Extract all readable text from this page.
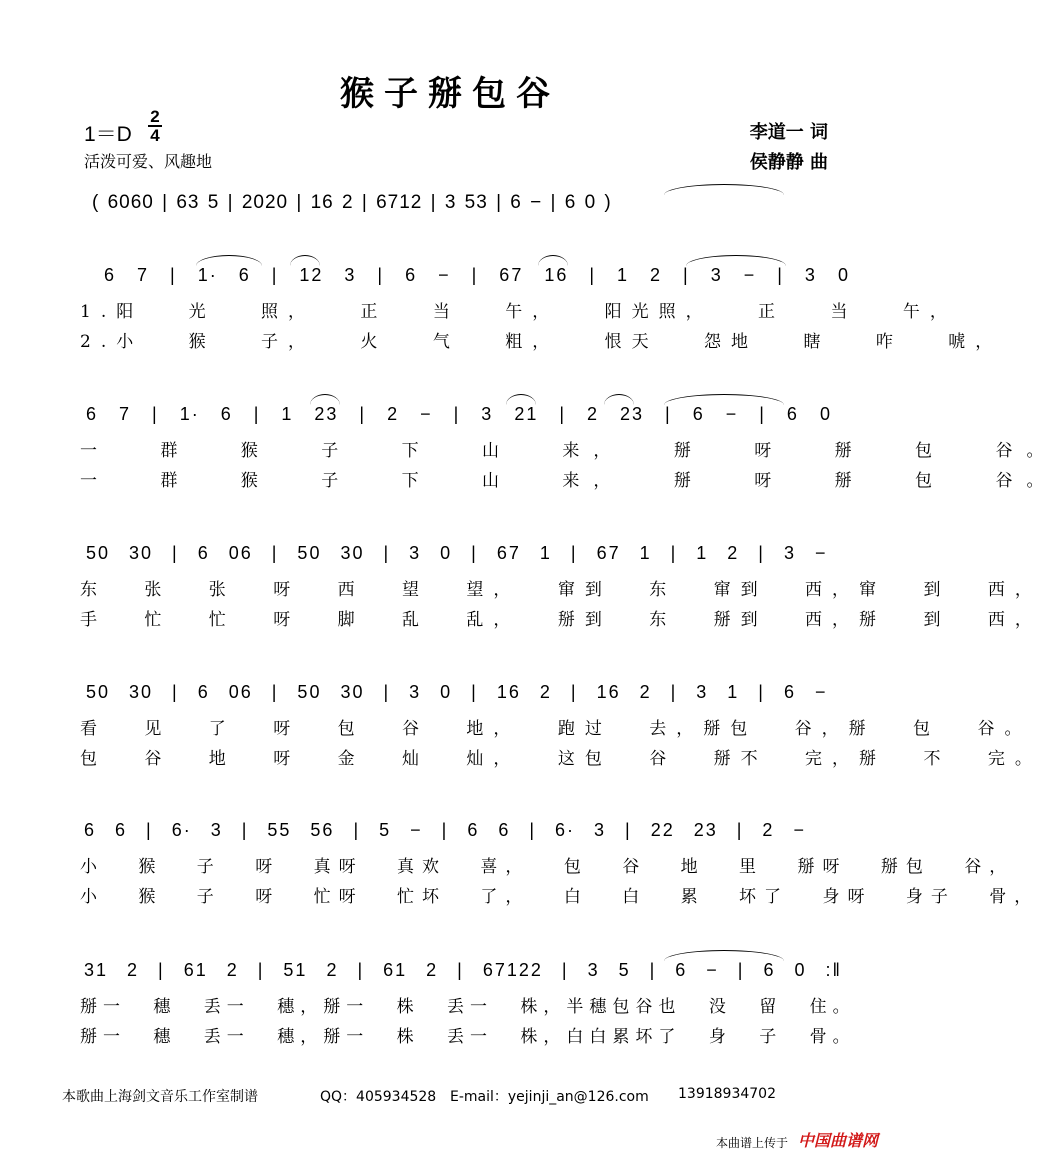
猴子掰包谷
1＝D
2
4
活泼可爱、风趣地
李道一 词
侯静静 曲
( 6060 | 63 5 | 2020 | 16 2 | 6712 | 3 53 | 6 − | 6 0 )
6 7 | 1· 6 | 12 3 | 6 − | 67 16 | 1 2 | 3 − | 3 0
1.阳 光 照， 正 当 午， 阳光照， 正 当 午，
2.小 猴 子， 火 气 粗， 恨天 怨地 瞎 咋 唬，
6 7 | 1· 6 | 1 23 | 2 − | 3 21 | 2 23 | 6 − | 6 0
一 群 猴 子 下 山 来， 掰 呀 掰 包 谷。
一 群 猴 子 下 山 来， 掰 呀 掰 包 谷。
50 30 | 6 06 | 50 30 | 3 0 | 67 1 | 67 1 | 1 2 | 3 −
东 张 张 呀 西 望 望， 窜到 东 窜到 西，窜 到 西，
手 忙 忙 呀 脚 乱 乱， 掰到 东 掰到 西，掰 到 西，
50 30 | 6 06 | 50 30 | 3 0 | 16 2 | 16 2 | 3 1 | 6 −
看 见 了 呀 包 谷 地， 跑过 去，掰包 谷，掰 包 谷。
包 谷 地 呀 金 灿 灿， 这包 谷 掰不 完，掰 不 完。
6 6 | 6· 3 | 55 56 | 5 − | 6 6 | 6· 3 | 22 23 | 2 −
小 猴 子 呀 真呀 真欢 喜， 包 谷 地 里 掰呀 掰包 谷，
小 猴 子 呀 忙呀 忙坏 了， 白 白 累 坏了 身呀 身子 骨，
31 2 | 61 2 | 51 2 | 61 2 | 67122 | 3 5 | 6 − | 6 0 :‖
掰一 穗 丢一 穗，掰一 株 丢一 株，半穗包谷也 没 留 住。
掰一 穗 丢一 穗，掰一 株 丢一 株，白白累坏了 身 子 骨。
本歌曲上海剑文音乐工作室制谱	QQ：405934528 E-mail：yejinji_an@126.com 13918934702
本曲谱上传于 中国曲谱网
